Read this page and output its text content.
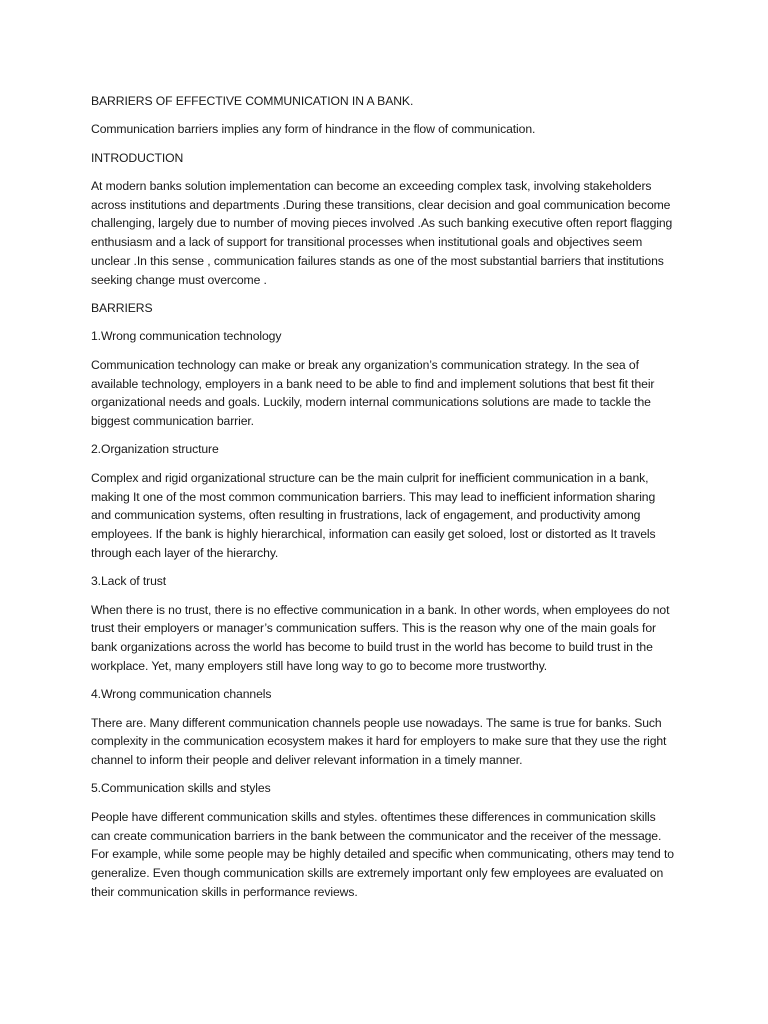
BARRIERS OF EFFECTIVE COMMUNICATION IN A BANK.

Communication barriers implies any form of hindrance in the flow of communication.

INTRODUCTION

At modern banks solution implementation can become an exceeding complex task, involving stakeholders across institutions and departments .During these transitions, clear decision and goal communication become challenging, largely due to number of moving pieces involved .As such banking executive often report flagging enthusiasm and a lack of support for transitional processes when institutional goals and objectives seem unclear .In this sense , communication failures stands as one of the most substantial barriers that institutions seeking change must overcome .

BARRIERS

1.Wrong communication technology

Communication technology can make or break any organization’s communication strategy. In the sea of available technology, employers in a bank need to be able to find and implement solutions that best fit their organizational needs and goals. Luckily, modern internal communications solutions are made to tackle the biggest communication barrier.

2.Organization structure

Complex and rigid organizational structure can be the main culprit for inefficient communication in a bank, making It one of the most common communication barriers. This may lead to inefficient information sharing and communication systems, often resulting in frustrations, lack of engagement, and productivity among employees. If the bank is highly hierarchical, information can easily get soloed, lost or distorted as It travels through each layer of the hierarchy.

3.Lack of trust

When there is no trust, there is no effective communication in a bank. In other words, when employees do not trust their employers or manager’s communication suffers. This is the reason why one of the main goals for bank organizations across the world has become to build trust in the world has become to build trust in the workplace. Yet, many employers still have long way to go to become more trustworthy.

4.Wrong communication channels

There are. Many different communication channels people use nowadays. The same is true for banks. Such complexity in the communication ecosystem makes it hard for employers to make sure that they use the right channel to inform their people and deliver relevant information in a timely manner.

5.Communication skills and styles

People have different communication skills and styles. oftentimes these differences in communication skills can create communication barriers in the bank between the communicator and the receiver of the message. For example, while some people may be highly detailed and specific when communicating, others may tend to generalize. Even though communication skills are extremely important only few employees are evaluated on their communication skills in performance reviews.
